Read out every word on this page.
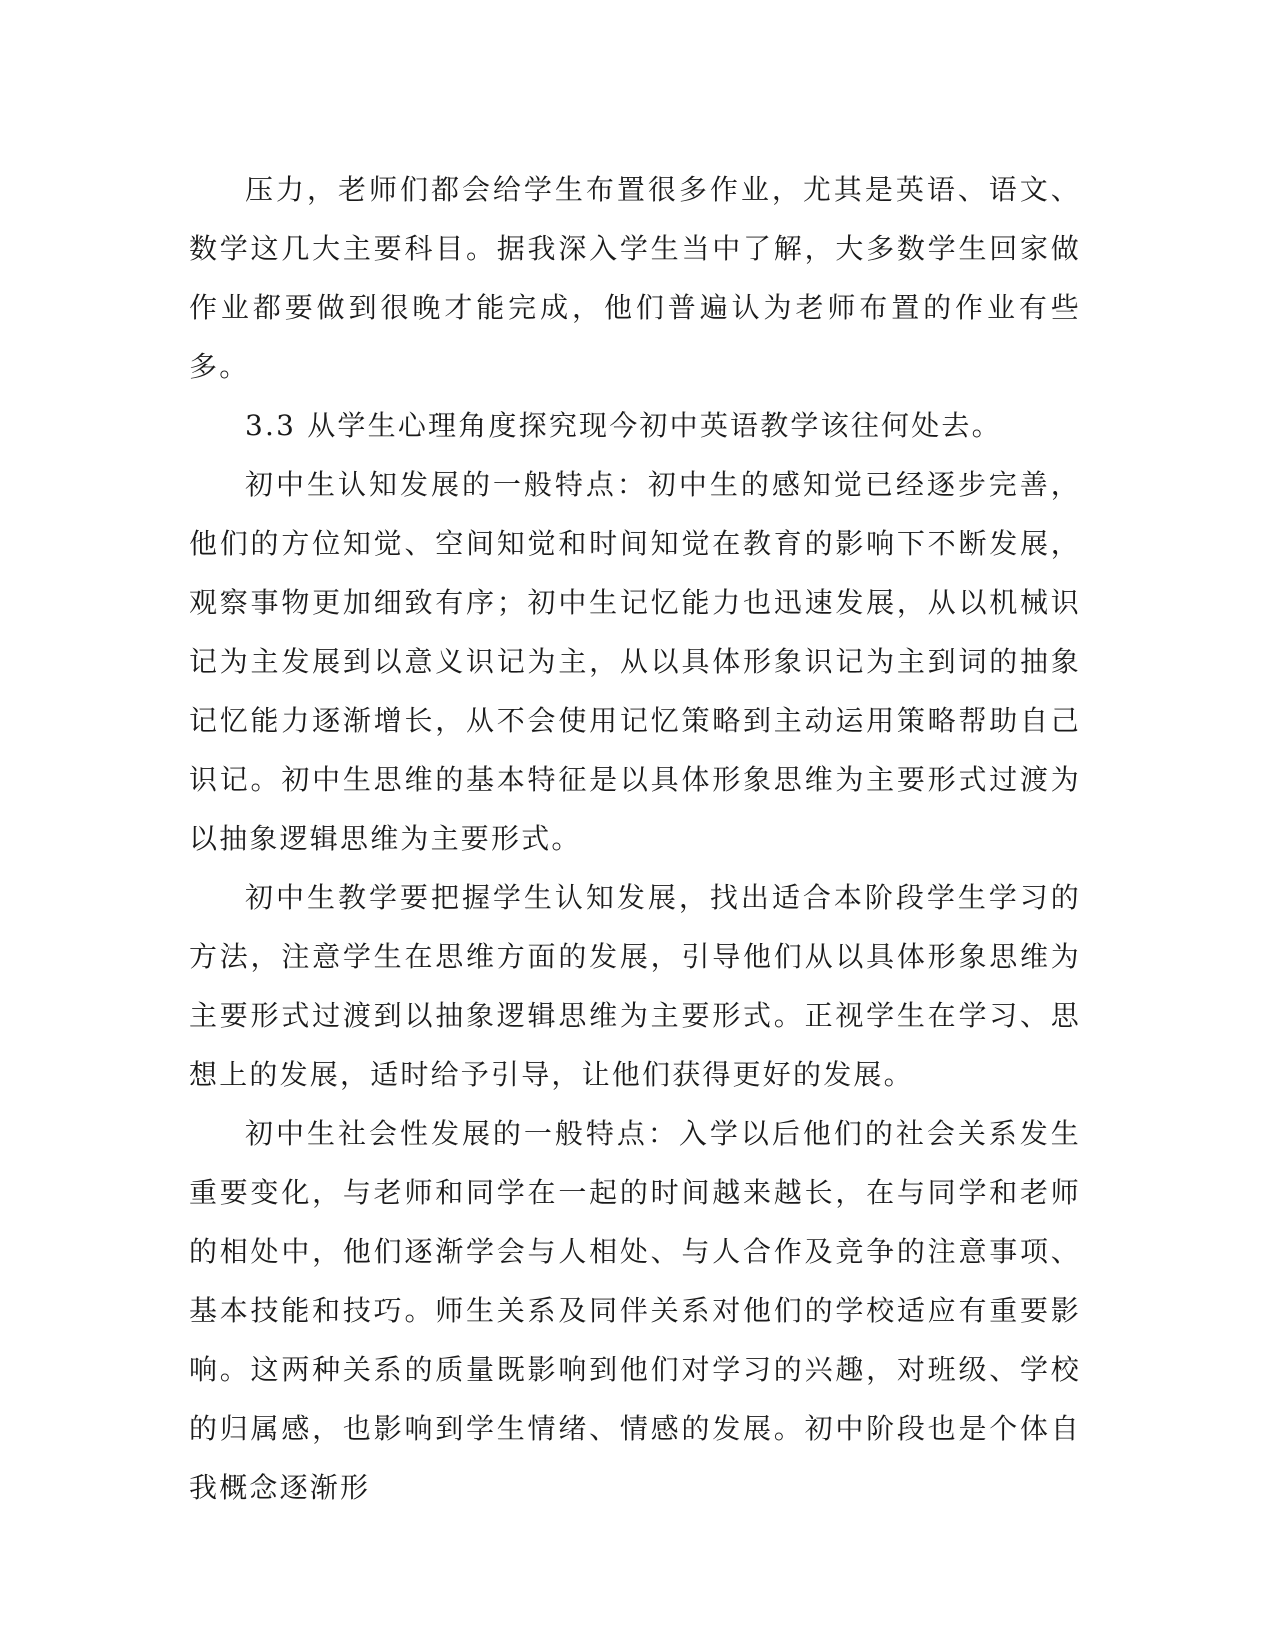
压力，老师们都会给学生布置很多作业，尤其是英语、语文、数学这几大主要科目。据我深入学生当中了解，大多数学生回家做作业都要做到很晚才能完成，他们普遍认为老师布置的作业有些多。

3.3 从学生心理角度探究现今初中英语教学该往何处去。

初中生认知发展的一般特点：初中生的感知觉已经逐步完善，他们的方位知觉、空间知觉和时间知觉在教育的影响下不断发展，观察事物更加细致有序；初中生记忆能力也迅速发展，从以机械识记为主发展到以意义识记为主，从以具体形象识记为主到词的抽象记忆能力逐渐增长，从不会使用记忆策略到主动运用策略帮助自己识记。初中生思维的基本特征是以具体形象思维为主要形式过渡为以抽象逻辑思维为主要形式。

初中生教学要把握学生认知发展，找出适合本阶段学生学习的方法，注意学生在思维方面的发展，引导他们从以具体形象思维为主要形式过渡到以抽象逻辑思维为主要形式。正视学生在学习、思想上的发展，适时给予引导，让他们获得更好的发展。

初中生社会性发展的一般特点：入学以后他们的社会关系发生重要变化，与老师和同学在一起的时间越来越长，在与同学和老师的相处中，他们逐渐学会与人相处、与人合作及竞争的注意事项、基本技能和技巧。师生关系及同伴关系对他们的学校适应有重要影响。这两种关系的质量既影响到他们对学习的兴趣，对班级、学校的归属感，也影响到学生情绪、情感的发展。初中阶段也是个体自我概念逐渐形
